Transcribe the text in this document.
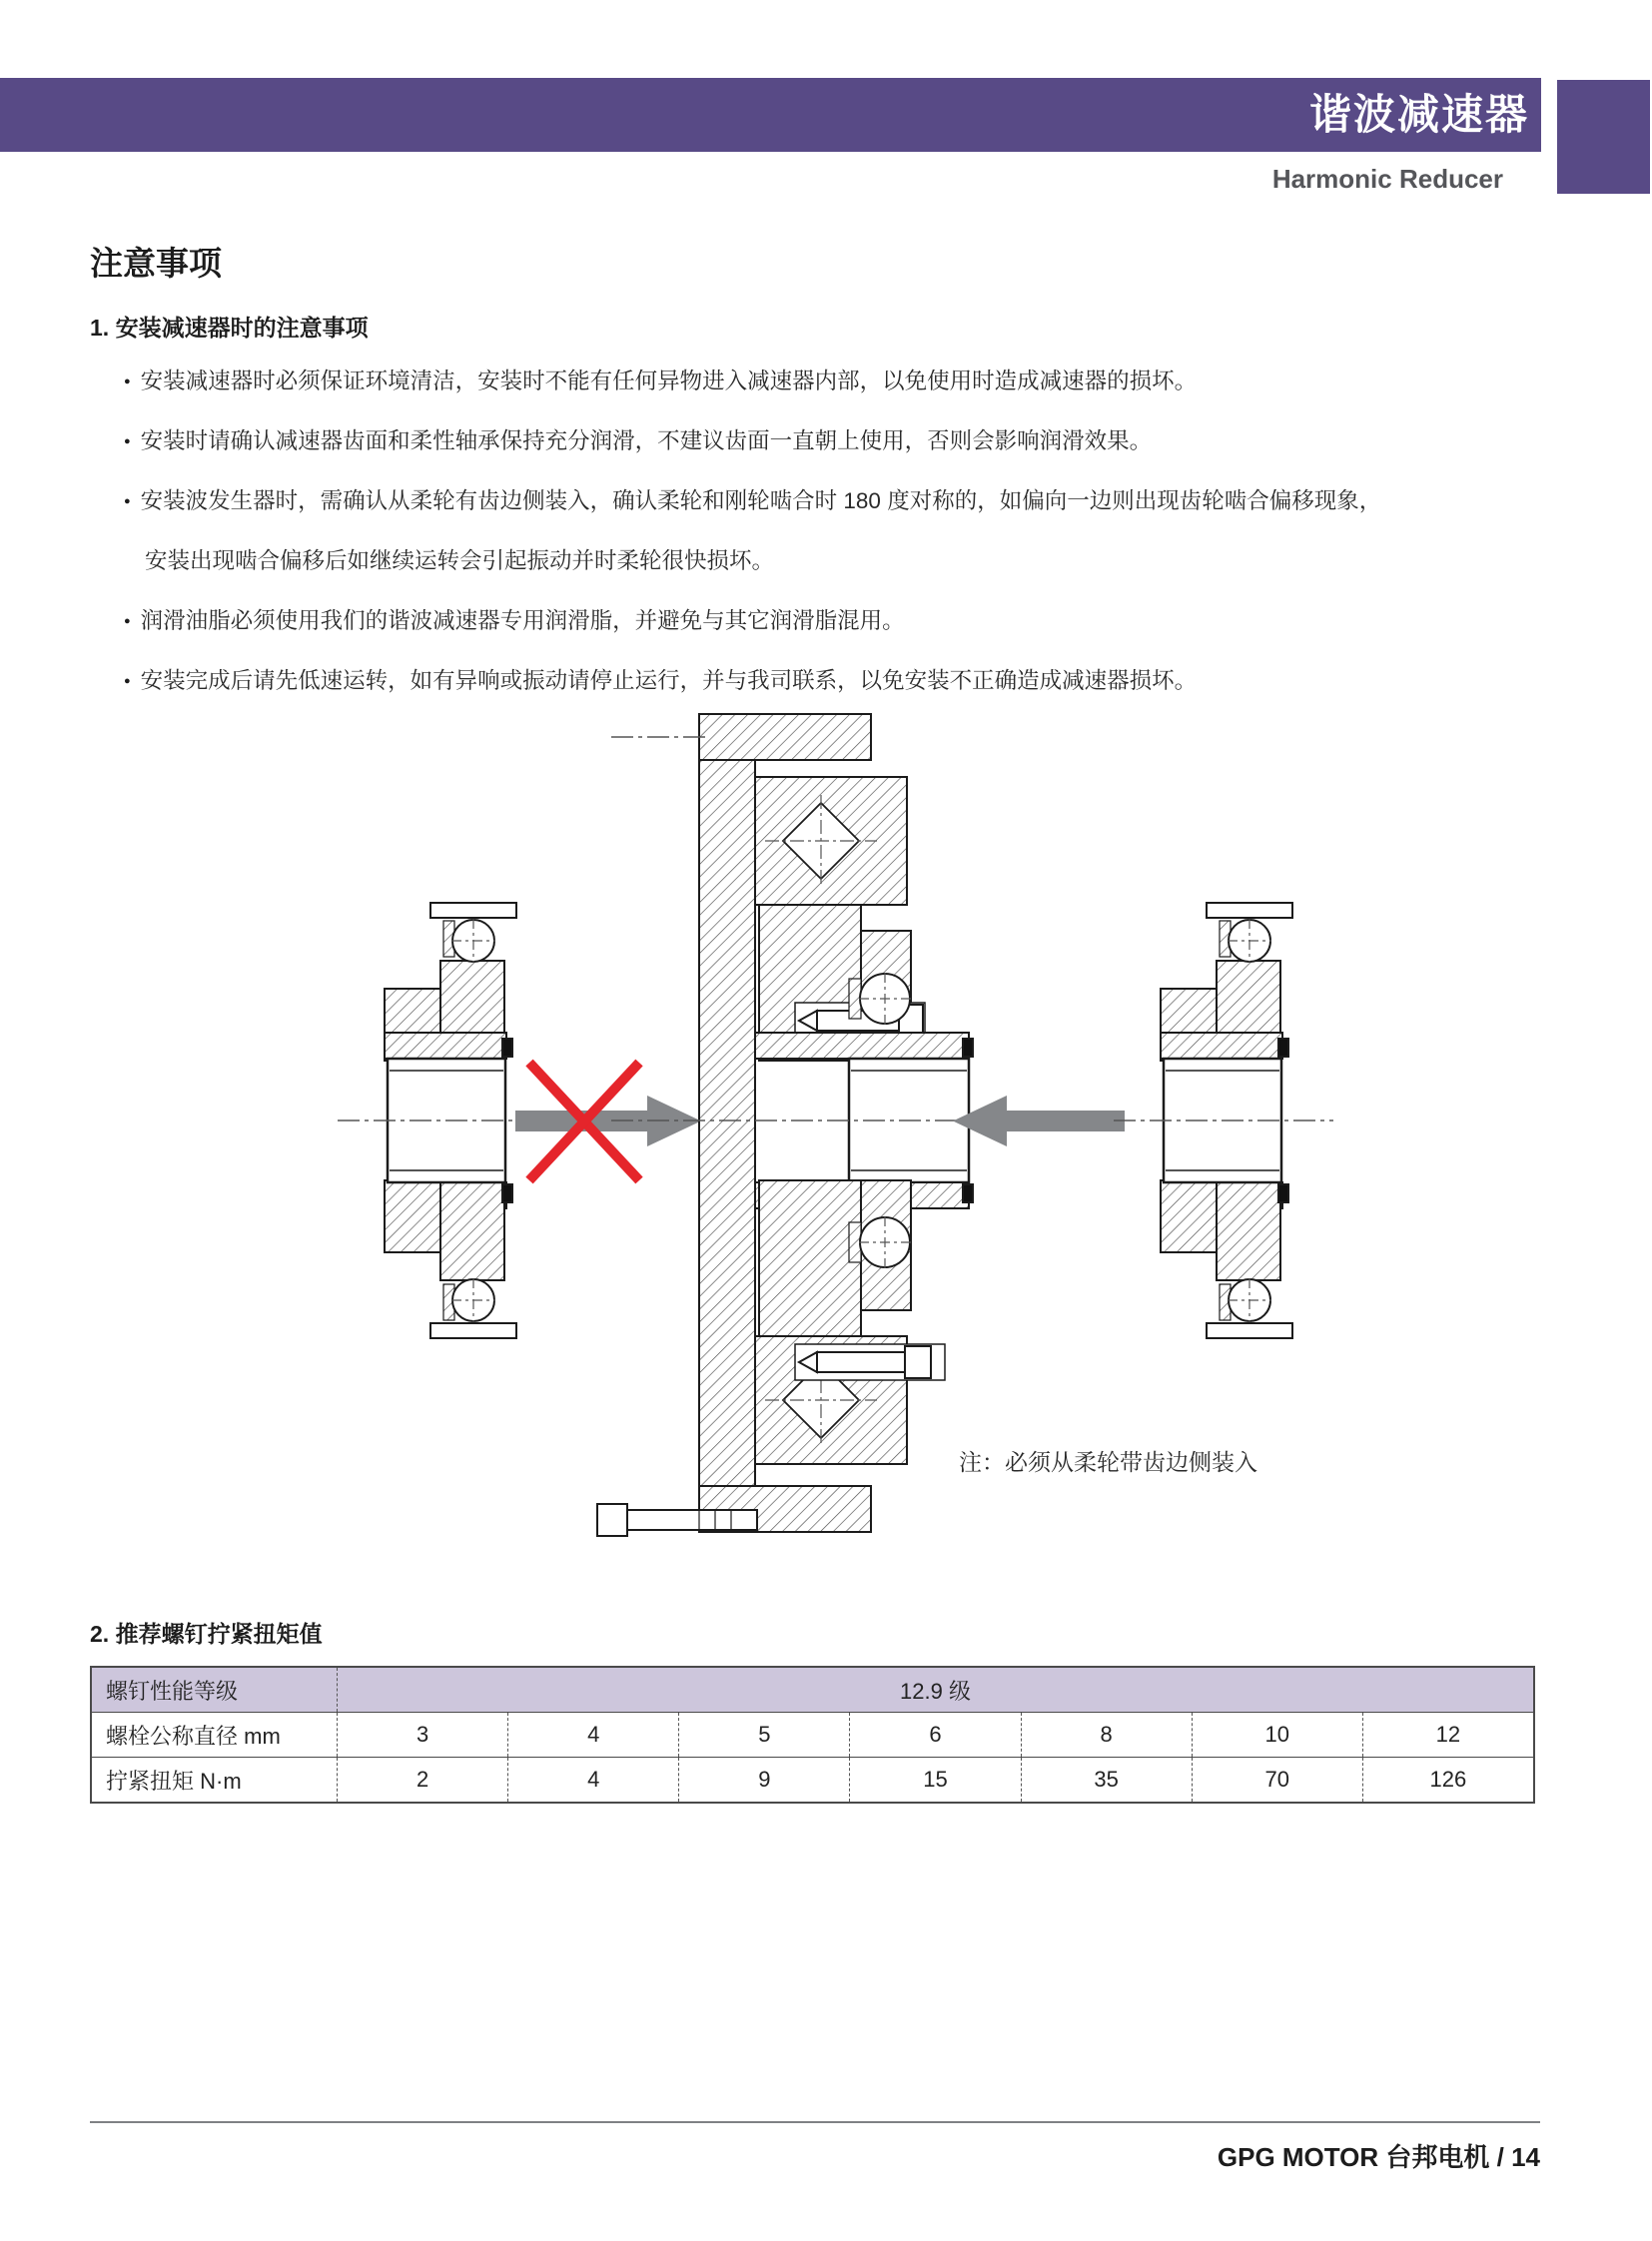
谐波减速器
Harmonic Reducer
注意事项
1. 安装减速器时的注意事项
● 安装减速器时必须保证环境清洁，安装时不能有任何异物进入减速器内部，以免使用时造成减速器的损坏。
● 安装时请确认减速器齿面和柔性轴承保持充分润滑，不建议齿面一直朝上使用，否则会影响润滑效果。
● 安装波发生器时，需确认从柔轮有齿边侧装入，确认柔轮和刚轮啮合时 180 度对称的，如偏向一边则出现齿轮啮合偏移现象，
安装出现啮合偏移后如继续运转会引起振动并时柔轮很快损坏。
● 润滑油脂必须使用我们的谐波减速器专用润滑脂，并避免与其它润滑脂混用。
● 安装完成后请先低速运转，如有异响或振动请停止运行，并与我司联系，以免安装不正确造成减速器损坏。
注：必须从柔轮带齿边侧装入
2. 推荐螺钉拧紧扭矩值
螺钉性能等级	12.9 级
螺栓公称直径 mm	3	4	5	6	8	10	12
拧紧扭矩 N·m	2	4	9	15	35	70	126
GPG MOTOR 台邦电机 / 14
